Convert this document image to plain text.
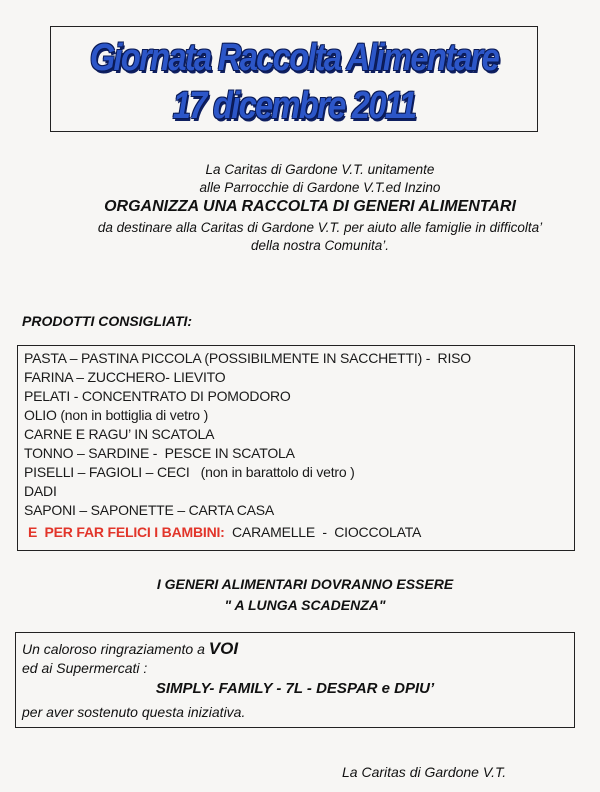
Giornata Raccolta Alimentare
17 dicembre 2011
La Caritas di Gardone V.T. unitamente
alle Parrocchie di Gardone V.T.ed Inzino
ORGANIZZA UNA RACCOLTA DI GENERI ALIMENTARI
da destinare alla Caritas di Gardone V.T. per aiuto alle famiglie in difficolta’
della nostra Comunita’.
PRODOTTI CONSIGLIATI:
PASTA – PASTINA PICCOLA (POSSIBILMENTE IN SACCHETTI) -  RISO
FARINA – ZUCCHERO- LIEVITO
PELATI - CONCENTRATO DI POMODORO
OLIO (non in bottiglia di vetro )
CARNE E RAGU’ IN SCATOLA
TONNO – SARDINE -  PESCE IN SCATOLA
PISELLI – FAGIOLI – CECI   (non in barattolo di vetro )
DADI
SAPONI – SAPONETTE – CARTA CASA
E  PER FAR FELICI I BAMBINI:  CARAMELLE  -  CIOCCOLATA
I GENERI ALIMENTARI DOVRANNO ESSERE
" A LUNGA SCADENZA"
Un caloroso ringraziamento a VOI
ed ai Supermercati :
SIMPLY- FAMILY - 7L - DESPAR e DPIU’
per aver sostenuto questa iniziativa.
La Caritas di Gardone V.T.
